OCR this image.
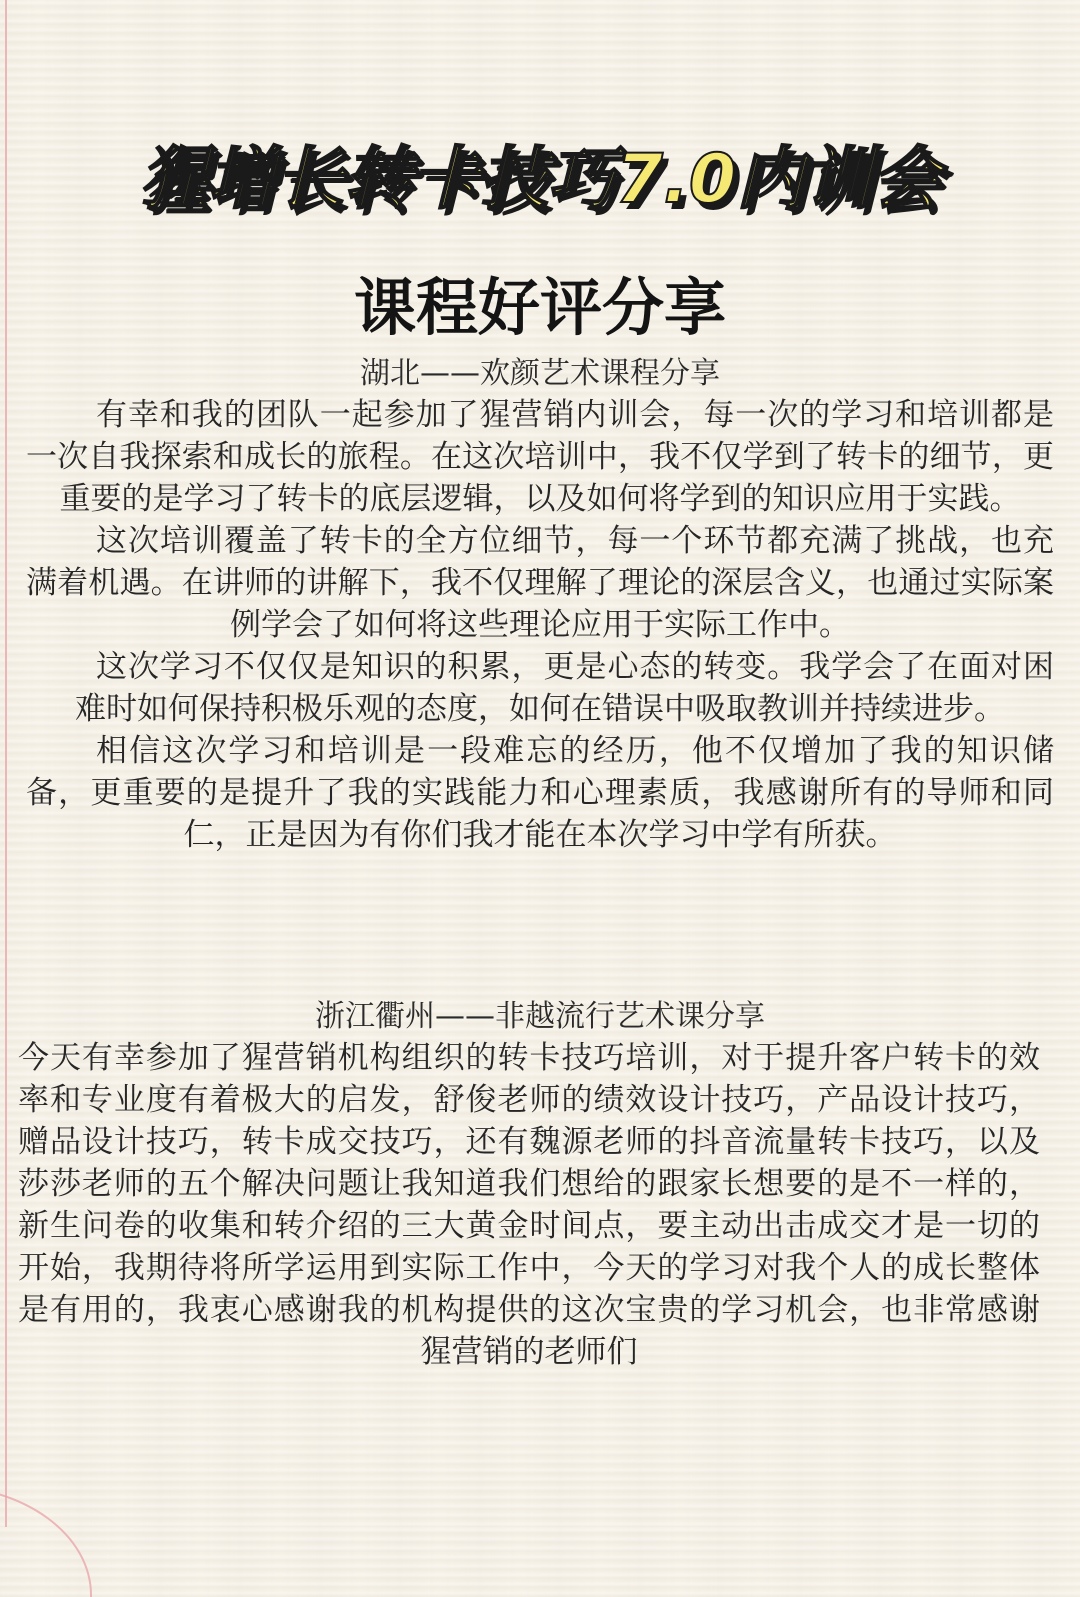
猩增长转卡技巧7.0内训会
课程好评分享
湖北——欢颜艺术课程分享

有幸和我的团队一起参加了猩营销内训会，每一次的学习和培训都是一次自我探索和成长的旅程。在这次培训中，我不仅学到了转卡的细节，更重要的是学习了转卡的底层逻辑，以及如何将学到的知识应用于实践。

这次培训覆盖了转卡的全方位细节，每一个环节都充满了挑战，也充满着机遇。在讲师的讲解下，我不仅理解了理论的深层含义，也通过实际案例学会了如何将这些理论应用于实际工作中。

这次学习不仅仅是知识的积累，更是心态的转变。我学会了在面对困难时如何保持积极乐观的态度，如何在错误中吸取教训并持续进步。

相信这次学习和培训是一段难忘的经历，他不仅增加了我的知识储备，更重要的是提升了我的实践能力和心理素质，我感谢所有的导师和同仁，正是因为有你们我才能在本次学习中学有所获。

浙江衢州——非越流行艺术课分享

今天有幸参加了猩营销机构组织的转卡技巧培训，对于提升客户转卡的效率和专业度有着极大的启发，舒俊老师的绩效设计技巧，产品设计技巧，赠品设计技巧，转卡成交技巧，还有魏源老师的抖音流量转卡技巧，以及莎莎老师的五个解决问题让我知道我们想给的跟家长想要的是不一样的，新生问卷的收集和转介绍的三大黄金时间点，要主动出击成交才是一切的开始，我期待将所学运用到实际工作中，今天的学习对我个人的成长整体是有用的，我衷心感谢我的机构提供的这次宝贵的学习机会，也非常感谢猩营销的老师们
